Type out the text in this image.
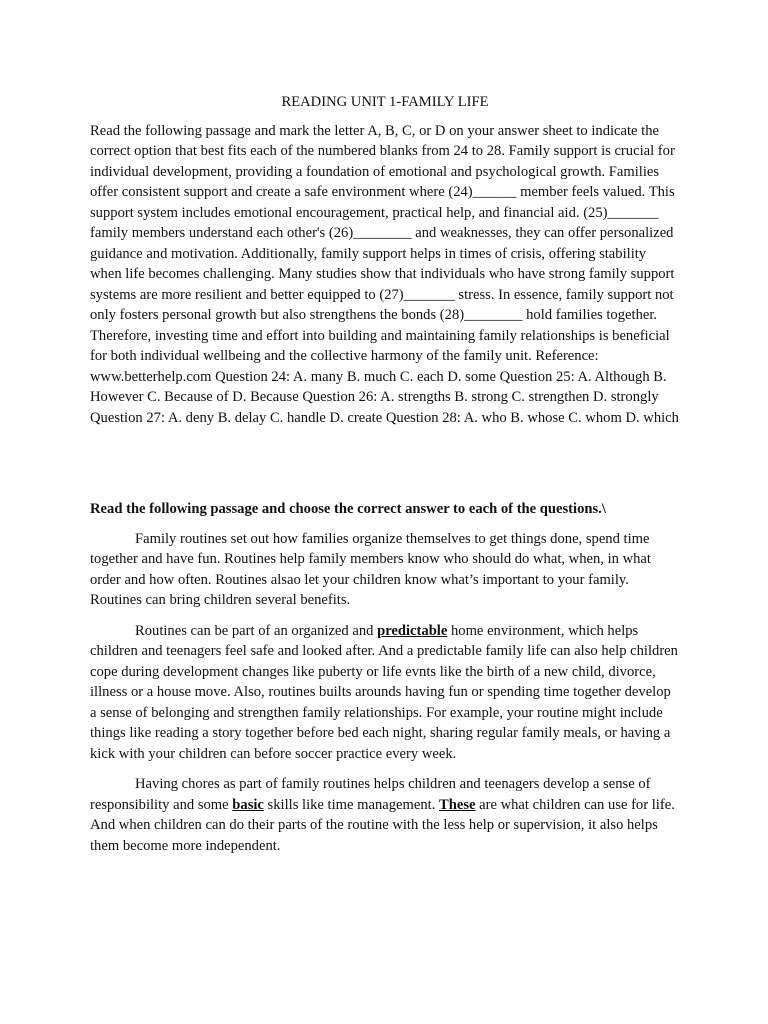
READING UNIT 1-FAMILY LIFE

Read the following passage and mark the letter A, B, C, or D on your answer sheet to indicate the correct option that best fits each of the numbered blanks from 24 to 28. Family support is crucial for individual development, providing a foundation of emotional and psychological growth. Families offer consistent support and create a safe environment where (24)______ member feels valued. This support system includes emotional encouragement, practical help, and financial aid. (25)_______ family members understand each other's (26)________ and weaknesses, they can offer personalized guidance and motivation. Additionally, family support helps in times of crisis, offering stability when life becomes challenging. Many studies show that individuals who have strong family support systems are more resilient and better equipped to (27)_______ stress. In essence, family support not only fosters personal growth but also strengthens the bonds (28)________ hold families together. Therefore, investing time and effort into building and maintaining family relationships is beneficial for both individual wellbeing and the collective harmony of the family unit. Reference: www.betterhelp.com Question 24: A. many B. much C. each D. some Question 25: A. Although B. However C. Because of D. Because Question 26: A. strengths B. strong C. strengthen D. strongly Question 27: A. deny B. delay C. handle D. create Question 28: A. who B. whose C. whom D. which

Read the following passage and choose the correct answer to each of the questions.\

Family routines set out how families organize themselves to get things done, spend time together and have fun. Routines help family members know who should do what, when, in what order and how often. Routines alsao let your children know what’s important to your family. Routines can bring children several benefits.

Routines can be part of an organized and predictable home environment, which helps children and teenagers feel safe and looked after. And a predictable family life can also help children cope during development changes like puberty or life evnts like the birth of a new child, divorce, illness or a house move. Also, routines builts arounds having fun or spending time together develop a sense of belonging and strengthen family relationships. For example, your routine might include things like reading a story together before bed each night, sharing regular family meals, or having a kick with your children can before soccer practice every week.

Having chores as part of family routines helps children and teenagers develop a sense of responsibility and some basic skills like time management. These are what children can use for life. And when children can do their parts of the routine with the less help or supervision, it also helps them become more independent.
